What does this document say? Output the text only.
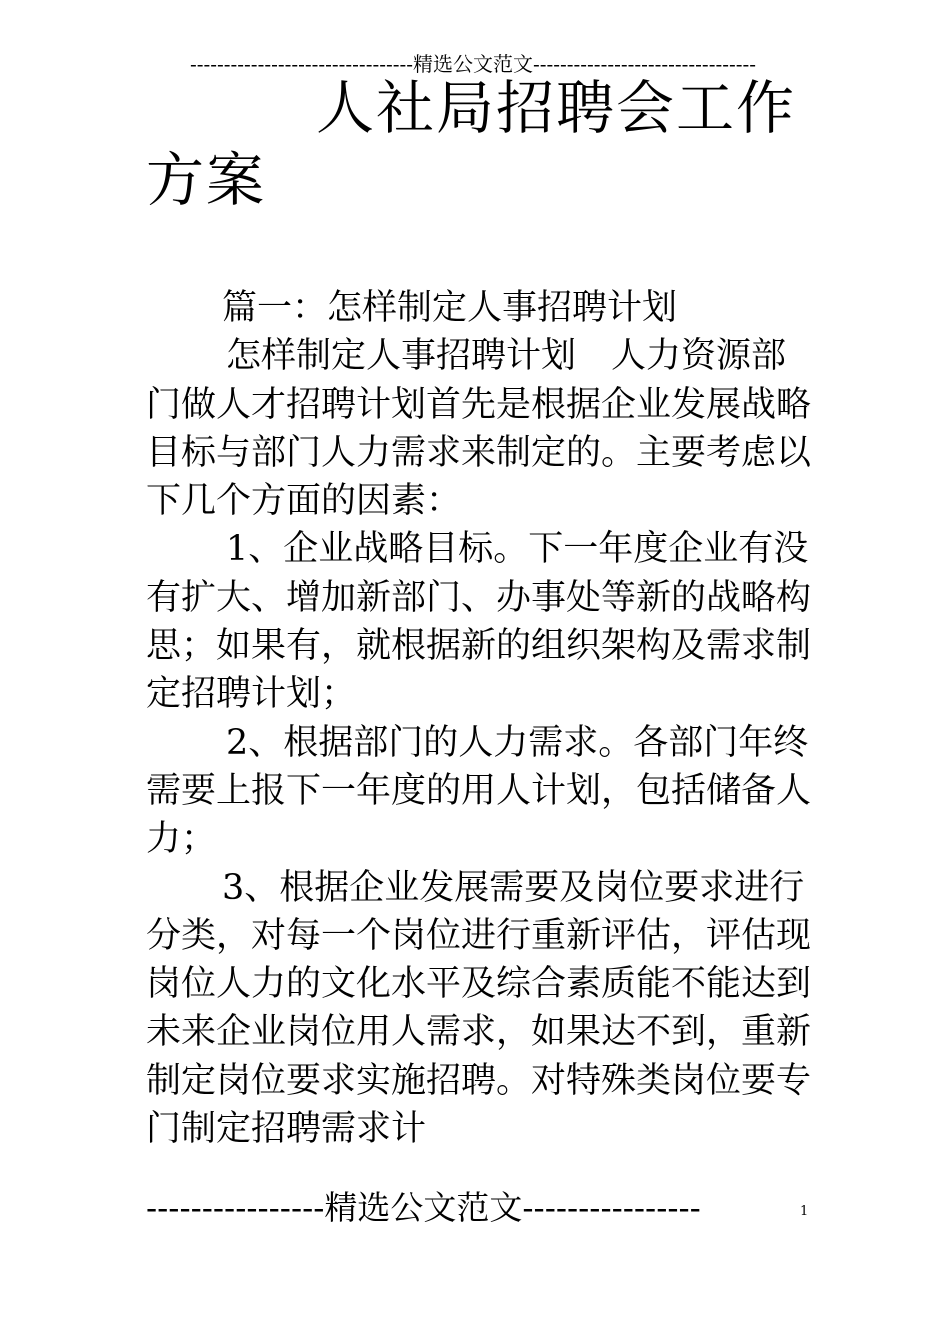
---------------------------------精选公文范文---------------------------------
人社局招聘会工作
方案

篇一：怎样制定人事招聘计划

怎样制定人事招聘计划　人力资源部门做人才招聘计划首先是根据企业发展战略目标与部门人力需求来制定的。主要考虑以下几个方面的因素：

1、企业战略目标。下一年度企业有没有扩大、增加新部门、办事处等新的战略构思；如果有，就根据新的组织架构及需求制定招聘计划；

2、根据部门的人力需求。各部门年终需要上报下一年度的用人计划，包括储备人力；

3、根据企业发展需要及岗位要求进行分类，对每一个岗位进行重新评估，评估现岗位人力的文化水平及综合素质能不能达到未来企业岗位用人需求，如果达不到，重新制定岗位要求实施招聘。对特殊类岗位要专门制定招聘需求计

----------------精选公文范文----------------	1
